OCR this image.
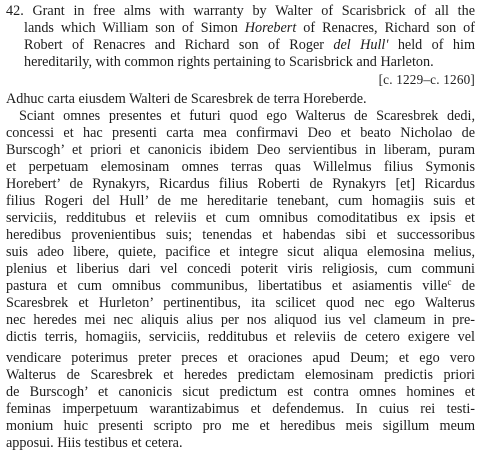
42. Grant in free alms with warranty by Walter of Scarisbrick of all the
lands which William son of Simon Horebert of Renacres, Richard son of
Robert of Renacres and Richard son of Roger del Hull' held of him
hereditarily, with common rights pertaining to Scarisbrick and Harleton.
[c. 1229–c. 1260]
Adhuc carta eiusdem Walteri de Scaresbrek de terra Horeberde.
Sciant omnes presentes et futuri quod ego Walterus de Scaresbrek dedi,
concessi et hac presenti carta mea confirmavi Deo et beato Nicholao de
Burscogh’ et priori et canonicis ibidem Deo servientibus in liberam, puram
et perpetuam elemosinam omnes terras quas Willelmus filius Symonis
Horebert’ de Rynakyrs, Ricardus filius Roberti de Rynakyrs [et] Ricardus
filius Rogeri del Hull’ de me hereditarie tenebant, cum homagiis suis et
serviciis, redditubus et releviis et cum omnibus comoditatibus ex ipsis et
heredibus provenientibus suis; tenendas et habendas sibi et successoribus
suis adeo libere, quiete, pacifice et integre sicut aliqua elemosina melius,
plenius et liberius dari vel concedi poterit viris religiosis, cum communi
pastura et cum omnibus communibus, libertatibus et asiamentis ville$^c$ de
Scaresbrek et Hurleton’ pertinentibus, ita scilicet quod nec ego Walterus
nec heredes mei nec aliquis alius per nos aliquod ius vel clameum in pre-
dictis terris, homagiis, serviciis, redditubus et releviis de cetero exigere vel
vendicare poterimus preter preces et oraciones apud Deum; et ego vero
Walterus de Scaresbrek et heredes predictam elemosinam predictis priori
de Burscogh’ et canonicis sicut predictum est contra omnes homines et
feminas imperpetuum warantizabimus et defendemus. In cuius rei testi-
monium huic presenti scripto pro me et heredibus meis sigillum meum
apposui. Hiis testibus et cetera.
